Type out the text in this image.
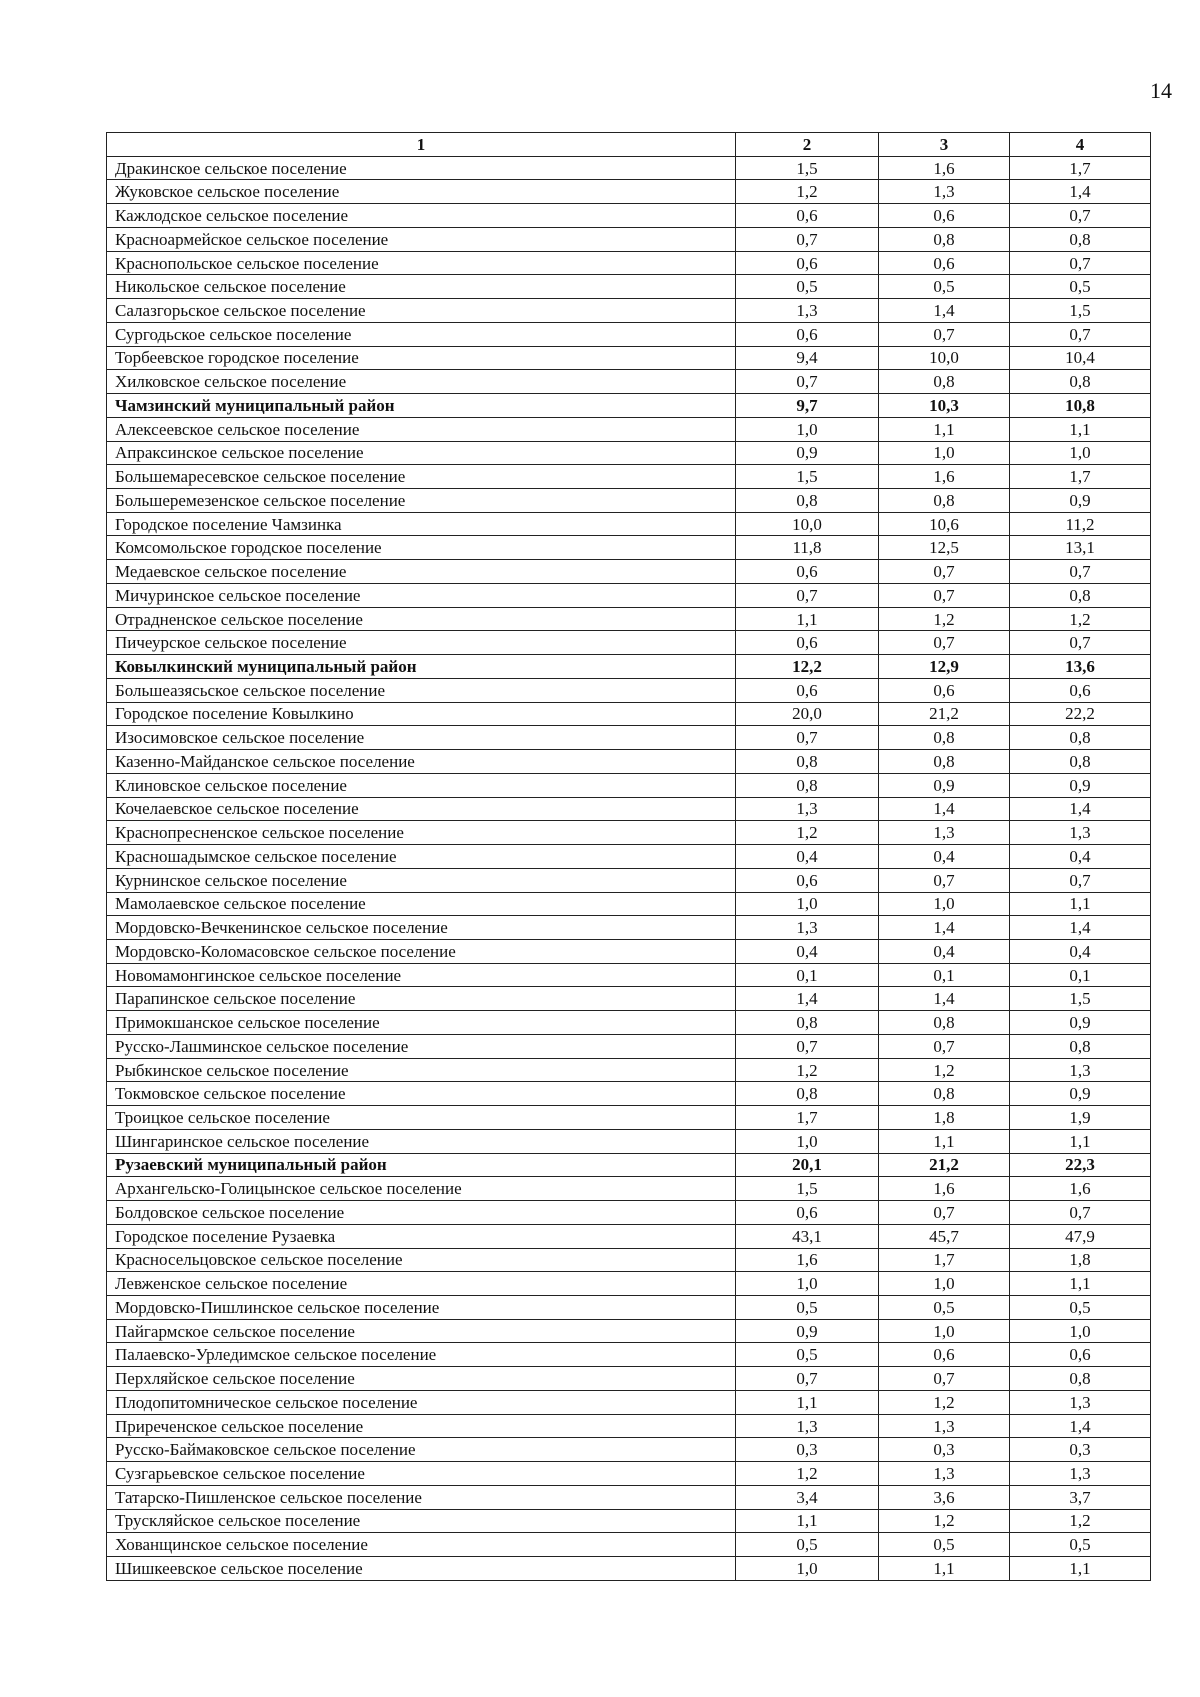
14
1	2	3	4
Дракинское сельское поселение	1,5	1,6	1,7
Жуковское сельское поселение	1,2	1,3	1,4
Кажлодское сельское поселение	0,6	0,6	0,7
Красноармейское сельское поселение	0,7	0,8	0,8
Краснопольское сельское поселение	0,6	0,6	0,7
Никольское сельское поселение	0,5	0,5	0,5
Салазгорьское сельское поселение	1,3	1,4	1,5
Сургодьское сельское поселение	0,6	0,7	0,7
Торбеевское городское поселение	9,4	10,0	10,4
Хилковское сельское поселение	0,7	0,8	0,8
Чамзинский муниципальный район	9,7	10,3	10,8
Алексеевское сельское поселение	1,0	1,1	1,1
Апраксинское сельское поселение	0,9	1,0	1,0
Большемаресевское сельское поселение	1,5	1,6	1,7
Большеремезенское сельское поселение	0,8	0,8	0,9
Городское поселение Чамзинка	10,0	10,6	11,2
Комсомольское городское поселение	11,8	12,5	13,1
Медаевское сельское поселение	0,6	0,7	0,7
Мичуринское сельское поселение	0,7	0,7	0,8
Отрадненское сельское поселение	1,1	1,2	1,2
Пичеурское сельское поселение	0,6	0,7	0,7
Ковылкинский муниципальный район	12,2	12,9	13,6
Большеазясьское сельское поселение	0,6	0,6	0,6
Городское поселение Ковылкино	20,0	21,2	22,2
Изосимовское сельское поселение	0,7	0,8	0,8
Казенно-Майданское сельское поселение	0,8	0,8	0,8
Клиновское сельское поселение	0,8	0,9	0,9
Кочелаевское сельское поселение	1,3	1,4	1,4
Краснопресненское сельское поселение	1,2	1,3	1,3
Красношадымское сельское поселение	0,4	0,4	0,4
Курнинское сельское поселение	0,6	0,7	0,7
Мамолаевское сельское поселение	1,0	1,0	1,1
Мордовско-Вечкенинское сельское поселение	1,3	1,4	1,4
Мордовско-Коломасовское сельское поселение	0,4	0,4	0,4
Новомамонгинское сельское поселение	0,1	0,1	0,1
Парапинское сельское поселение	1,4	1,4	1,5
Примокшанское сельское поселение	0,8	0,8	0,9
Русско-Лашминское сельское поселение	0,7	0,7	0,8
Рыбкинское сельское поселение	1,2	1,2	1,3
Токмовское сельское поселение	0,8	0,8	0,9
Троицкое сельское поселение	1,7	1,8	1,9
Шингаринское сельское поселение	1,0	1,1	1,1
Рузаевский муниципальный район	20,1	21,2	22,3
Архангельско-Голицынское сельское поселение	1,5	1,6	1,6
Болдовское сельское поселение	0,6	0,7	0,7
Городское поселение Рузаевка	43,1	45,7	47,9
Красносельцовское сельское поселение	1,6	1,7	1,8
Левженское сельское поселение	1,0	1,0	1,1
Мордовско-Пишлинское сельское поселение	0,5	0,5	0,5
Пайгармское сельское поселение	0,9	1,0	1,0
Палаевско-Урледимское сельское поселение	0,5	0,6	0,6
Перхляйское сельское поселение	0,7	0,7	0,8
Плодопитомническое сельское поселение	1,1	1,2	1,3
Приреченское сельское поселение	1,3	1,3	1,4
Русско-Баймаковское сельское поселение	0,3	0,3	0,3
Сузгарьевское сельское поселение	1,2	1,3	1,3
Татарско-Пишленское сельское поселение	3,4	3,6	3,7
Трускляйское сельское поселение	1,1	1,2	1,2
Хованщинское сельское поселение	0,5	0,5	0,5
Шишкеевское сельское поселение	1,0	1,1	1,1
